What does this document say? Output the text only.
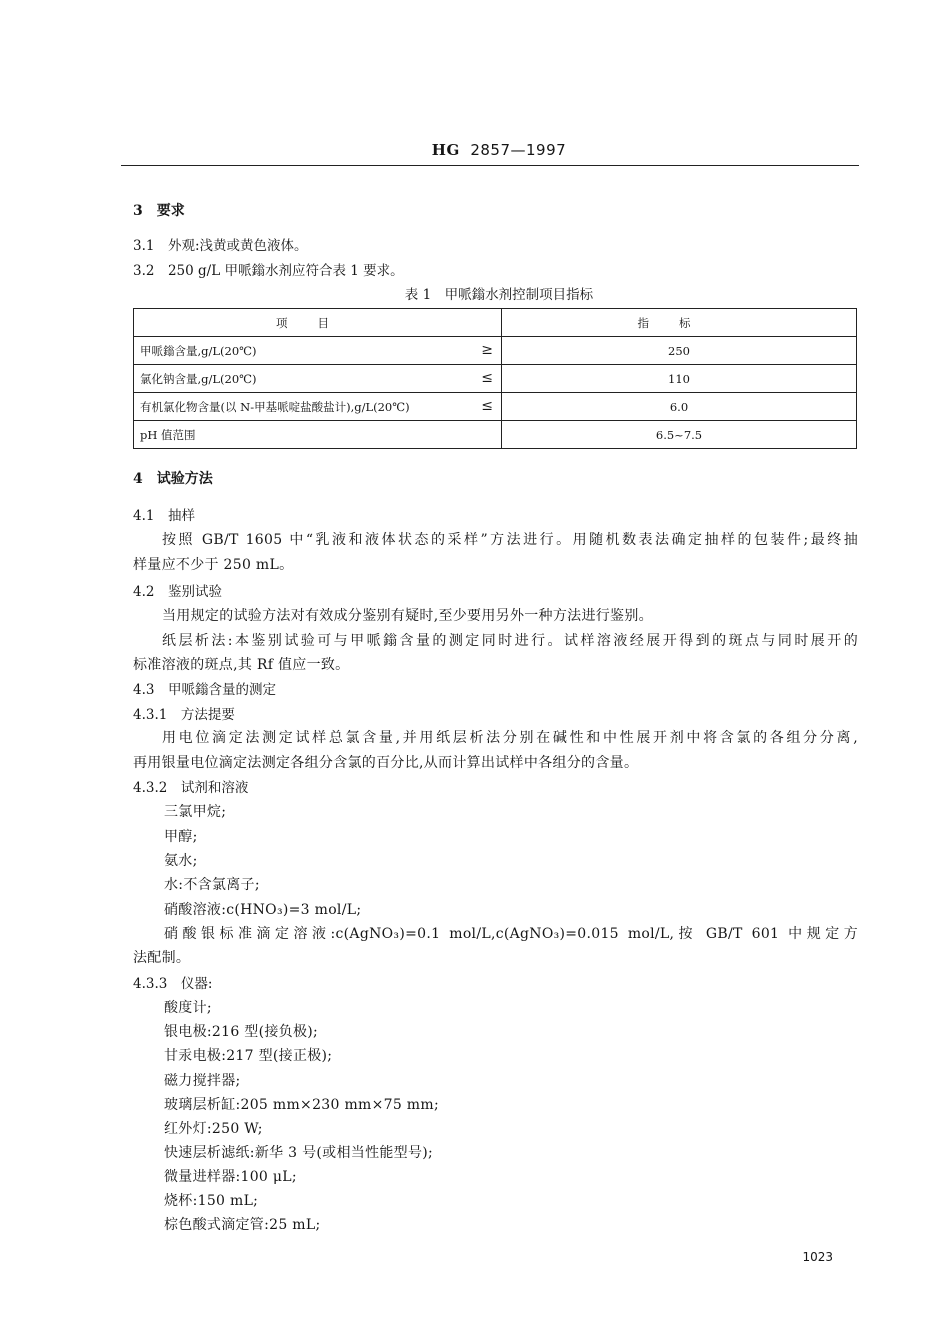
HG 2857—1997
3　要求
3.1　外观:浅黄或黄色液体。
3.2　250 g/L 甲哌鎓水剂应符合表 1 要求。
表 1　甲哌鎓水剂控制项目指标
项目	指标
甲哌鎓含量,g/L(20℃) ≥	250
氯化钠含量,g/L(20℃) ≤	110
有机氯化物含量(以 N-甲基哌啶盐酸盐计),g/L(20℃) ≤	6.0
pH 值范围	6.5~7.5
4　试验方法
4.1　抽样
按照 GB/T 1605 中“乳液和液体状态的采样”方法进行。用随机数表法确定抽样的包装件;最终抽
样量应不少于 250 mL。
4.2　鉴别试验
当用规定的试验方法对有效成分鉴别有疑时,至少要用另外一种方法进行鉴别。
纸层析法:本鉴别试验可与甲哌鎓含量的测定同时进行。试样溶液经展开得到的斑点与同时展开的
标准溶液的斑点,其 Rf 值应一致。
4.3　甲哌鎓含量的测定
4.3.1　方法提要
用电位滴定法测定试样总氯含量,并用纸层析法分别在碱性和中性展开剂中将含氯的各组分分离,
再用银量电位滴定法测定各组分含氯的百分比,从而计算出试样中各组分的含量。
4.3.2　试剂和溶液
三氯甲烷;
甲醇;
氨水;
水:不含氯离子;
硝酸溶液:c(HNO₃)=3 mol/L;
硝酸银标准滴定溶液:c(AgNO₃)=0.1 mol/L,c(AgNO₃)=0.015 mol/L,按 GB/T 601 中规定方
法配制。
4.3.3　仪器:
酸度计;
银电极:216 型(接负极);
甘汞电极:217 型(接正极);
磁力搅拌器;
玻璃层析缸:205 mm×230 mm×75 mm;
红外灯:250 W;
快速层析滤纸:新华 3 号(或相当性能型号);
微量进样器:100 μL;
烧杯:150 mL;
棕色酸式滴定管:25 mL;
1023
